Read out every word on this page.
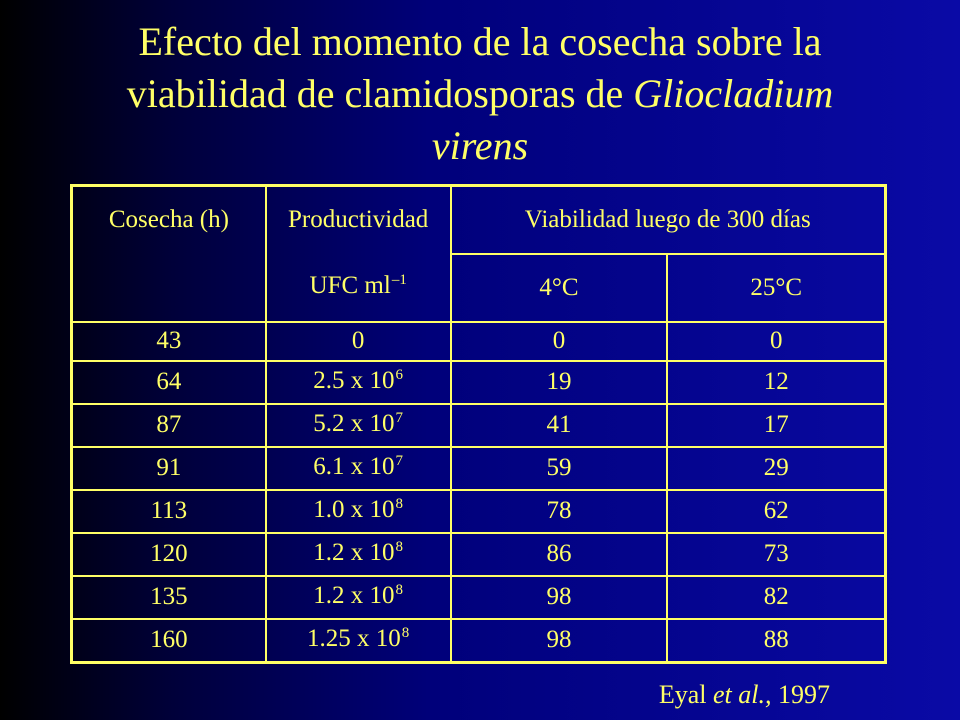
Efecto del momento de la cosecha sobre la
viabilidad de clamidosporas de Gliocladium
virens
Cosecha (h)	Productividad	Viabilidad luego de 300 días	
	UFC $ml^{-1}$	4°C	25°C
43	0	0	0
64	2.5 x $10^6$	19	12
87	5.2 x $10^7$	41	17
91	6.1 x $10^7$	59	29
113	1.0 x $10^8$	78	62
120	1.2 x $10^8$	86	73
135	1.2 x $10^8$	98	82
160	1.25 x $10^8$	98	88
Eyal et al., 1997
